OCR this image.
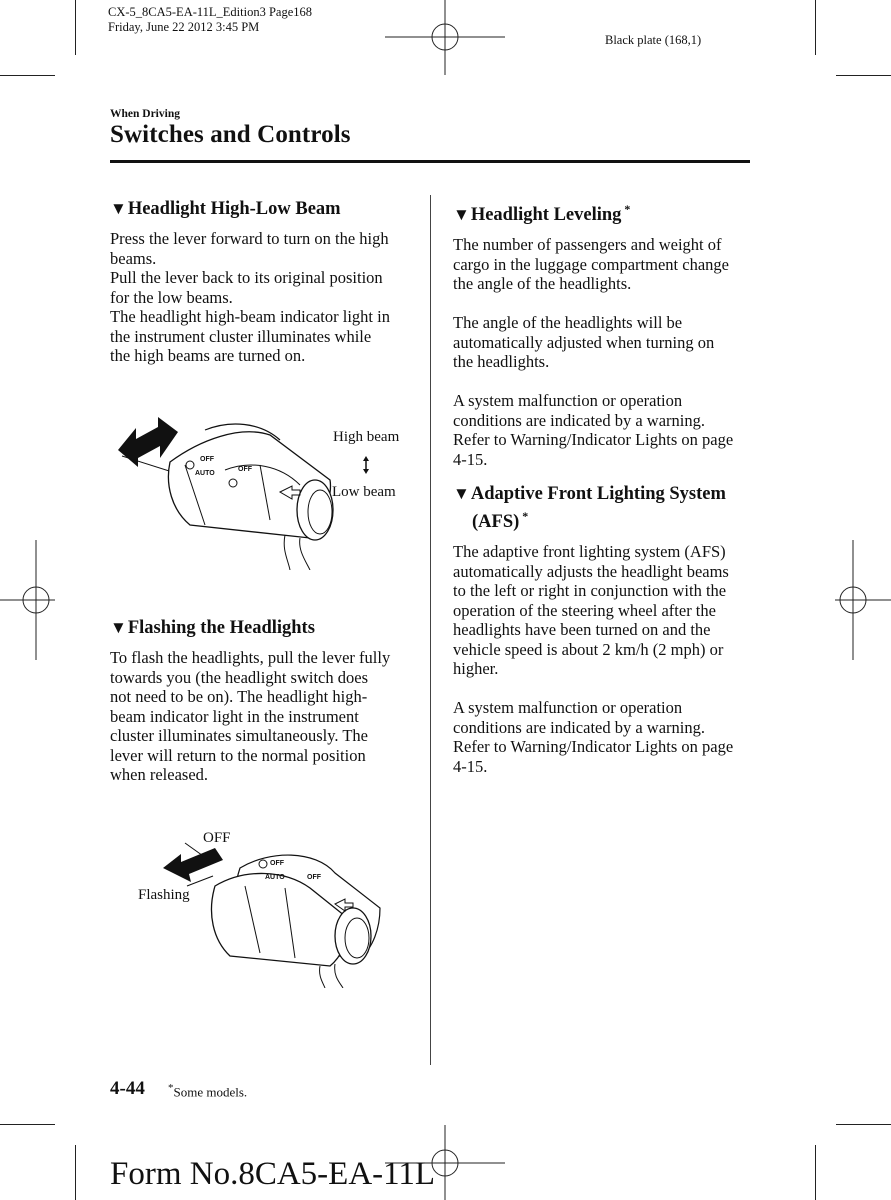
CX-5_8CA5-EA-11L_Edition3 Page168
Friday, June 22 2012 3:45 PM
Black plate (168,1)
When Driving
Switches and Controls
▼Headlight High-Low Beam

Press the lever forward to turn on the high

beams.

Pull the lever back to its original position

for the low beams.

The headlight high-beam indicator light in

the instrument cluster illuminates while

the high beams are turned on.

OFF
AUTO
OFF
High beam
Low beam
▼Flashing the Headlights

To flash the headlights, pull the lever fully

towards you (the headlight switch does

not need to be on). The headlight high-

beam indicator light in the instrument

cluster illuminates simultaneously. The

lever will return to the normal position

when released.

OFF
AUTO	OFF
OFF
Flashing
▼Headlight Leveling *

The number of passengers and weight of

cargo in the luggage compartment change

the angle of the headlights.

The angle of the headlights will be

automatically adjusted when turning on

the headlights.

A system malfunction or operation

conditions are indicated by a warning.

Refer to Warning/Indicator Lights on page

4-15.

▼Adaptive Front Lighting System
(AFS) *

The adaptive front lighting system (AFS)

automatically adjusts the headlight beams

to the left or right in conjunction with the

operation of the steering wheel after the

headlights have been turned on and the

vehicle speed is about 2 km/h (2 mph) or

higher.

A system malfunction or operation

conditions are indicated by a warning.

Refer to Warning/Indicator Lights on page

4-15.

4-44 *Some models.
Form No.8CA5-EA-11L
